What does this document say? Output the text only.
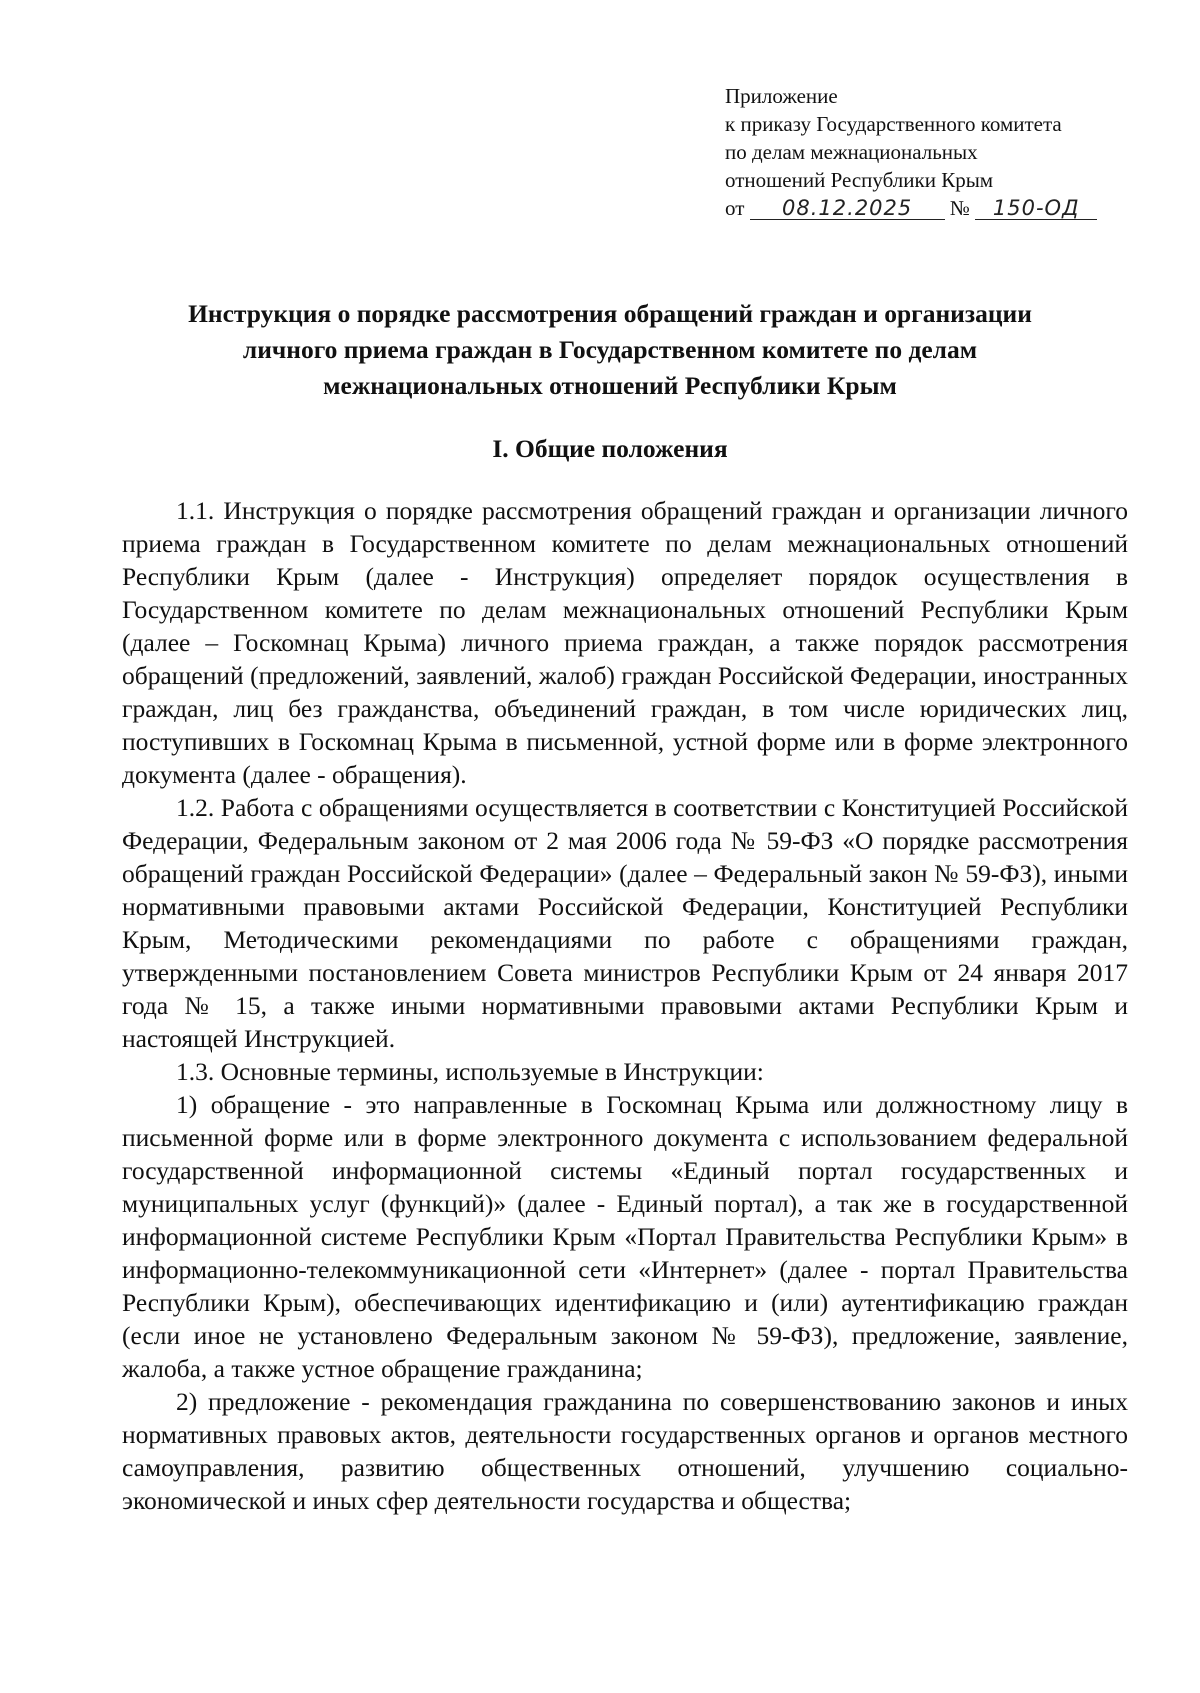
Приложение
к приказу Государственного комитета
по делам межнациональных
отношений Республики Крым
от 08.12.2025 № 150-ОД
Инструкция о порядке рассмотрения обращений граждан и организации
личного приема граждан в Государственном комитете по делам
межнациональных отношений Республики Крым
I. Общие положения

1.1. Инструкция о порядке рассмотрения обращений граждан и организации личного приема граждан в Государственном комитете по делам межнациональных отношений Республики Крым (далее - Инструкция) определяет порядок осуществления в Государственном комитете по делам межнациональных отношений Республики Крым (далее – Госкомнац Крыма) личного приема граждан, а также порядок рассмотрения обращений (предложений, заявлений, жалоб) граждан Российской Федерации, иностранных граждан, лиц без гражданства, объединений граждан, в том числе юридических лиц, поступивших в Госкомнац Крыма в письменной, устной форме или в форме электронного документа (далее - обращения).

1.2. Работа с обращениями осуществляется в соответствии с Конституцией Российской Федерации, Федеральным законом от 2 мая 2006 года № 59-ФЗ «О порядке рассмотрения обращений граждан Российской Федерации» (далее – Федеральный закон № 59-ФЗ), иными нормативными правовыми актами Российской Федерации, Конституцией Республики Крым, Методическими рекомендациями по работе с обращениями граждан, утвержденными постановлением Совета министров Республики Крым от 24 января 2017 года № 15, а также иными нормативными правовыми актами Республики Крым и настоящей Инструкцией.

1.3. Основные термины, используемые в Инструкции:

1) обращение - это направленные в Госкомнац Крыма или должностному лицу в письменной форме или в форме электронного документа с использованием федеральной государственной информационной системы «Единый портал государственных и муниципальных услуг (функций)» (далее - Единый портал), а так же в государственной информационной системе Республики Крым «Портал Правительства Республики Крым» в информационно-телекоммуникационной сети «Интернет» (далее - портал Правительства Республики Крым), обеспечивающих идентификацию и (или) аутентификацию граждан (если иное не установлено Федеральным законом № 59-ФЗ), предложение, заявление, жалоба, а также устное обращение гражданина;

2) предложение - рекомендация гражданина по совершенствованию законов и иных нормативных правовых актов, деятельности государственных органов и органов местного самоуправления, развитию общественных отношений, улучшению социально-экономической и иных сфер деятельности государства и общества;
